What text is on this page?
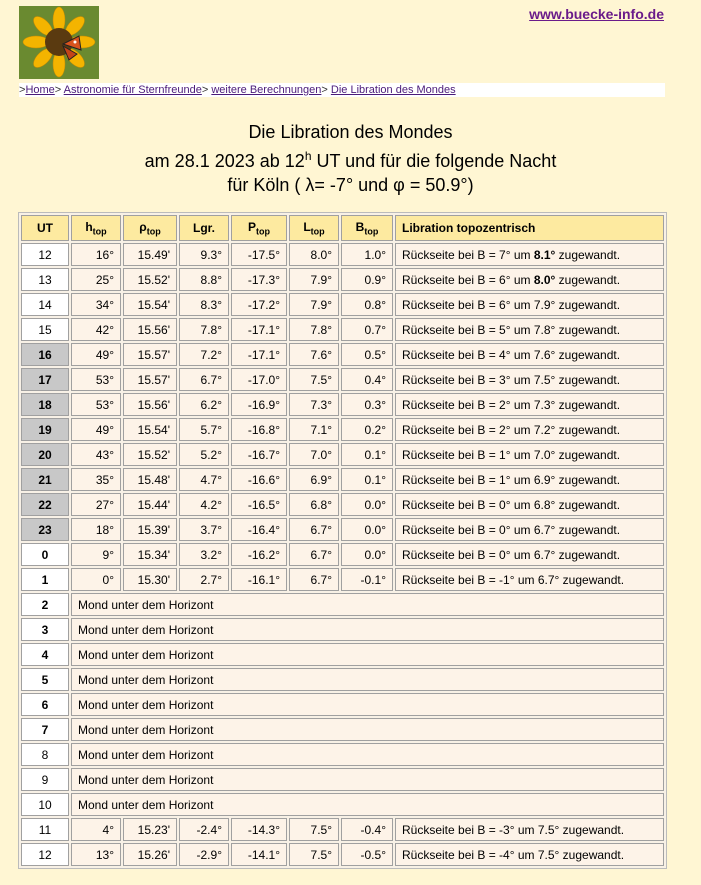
www.buecke-info.de
>Home> Astronomie für Sternfreunde> weitere Berechnungen> Die Libration des Mondes
Die Libration des Mondes
am 28.1 2023 ab 12$^h$ UT und für die folgende Nacht
für Köln ( λ= -7° und φ = 50.9°)
UT	$h_{top}$	$\rho_{top}$	Lgr.	$P_{top}$	$L_{top}$	$B_{top}$	Libration topozentrisch
12	16°	15.49'	9.3°	-17.5°	8.0°	1.0°	Rückseite bei B = 7° um 8.1° zugewandt.
13	25°	15.52'	8.8°	-17.3°	7.9°	0.9°	Rückseite bei B = 6° um 8.0° zugewandt.
14	34°	15.54'	8.3°	-17.2°	7.9°	0.8°	Rückseite bei B = 6° um 7.9° zugewandt.
15	42°	15.56'	7.8°	-17.1°	7.8°	0.7°	Rückseite bei B = 5° um 7.8° zugewandt.
16	49°	15.57'	7.2°	-17.1°	7.6°	0.5°	Rückseite bei B = 4° um 7.6° zugewandt.
17	53°	15.57'	6.7°	-17.0°	7.5°	0.4°	Rückseite bei B = 3° um 7.5° zugewandt.
18	53°	15.56'	6.2°	-16.9°	7.3°	0.3°	Rückseite bei B = 2° um 7.3° zugewandt.
19	49°	15.54'	5.7°	-16.8°	7.1°	0.2°	Rückseite bei B = 2° um 7.2° zugewandt.
20	43°	15.52'	5.2°	-16.7°	7.0°	0.1°	Rückseite bei B = 1° um 7.0° zugewandt.
21	35°	15.48'	4.7°	-16.6°	6.9°	0.1°	Rückseite bei B = 1° um 6.9° zugewandt.
22	27°	15.44'	4.2°	-16.5°	6.8°	0.0°	Rückseite bei B = 0° um 6.8° zugewandt.
23	18°	15.39'	3.7°	-16.4°	6.7°	0.0°	Rückseite bei B = 0° um 6.7° zugewandt.
0	9°	15.34'	3.2°	-16.2°	6.7°	0.0°	Rückseite bei B = 0° um 6.7° zugewandt.
1	0°	15.30'	2.7°	-16.1°	6.7°	-0.1°	Rückseite bei B = -1° um 6.7° zugewandt.
2	Mond unter dem Horizont						
3	Mond unter dem Horizont						
4	Mond unter dem Horizont						
5	Mond unter dem Horizont						
6	Mond unter dem Horizont						
7	Mond unter dem Horizont						
8	Mond unter dem Horizont						
9	Mond unter dem Horizont						
10	Mond unter dem Horizont						
11	4°	15.23'	-2.4°	-14.3°	7.5°	-0.4°	Rückseite bei B = -3° um 7.5° zugewandt.
12	13°	15.26'	-2.9°	-14.1°	7.5°	-0.5°	Rückseite bei B = -4° um 7.5° zugewandt.
